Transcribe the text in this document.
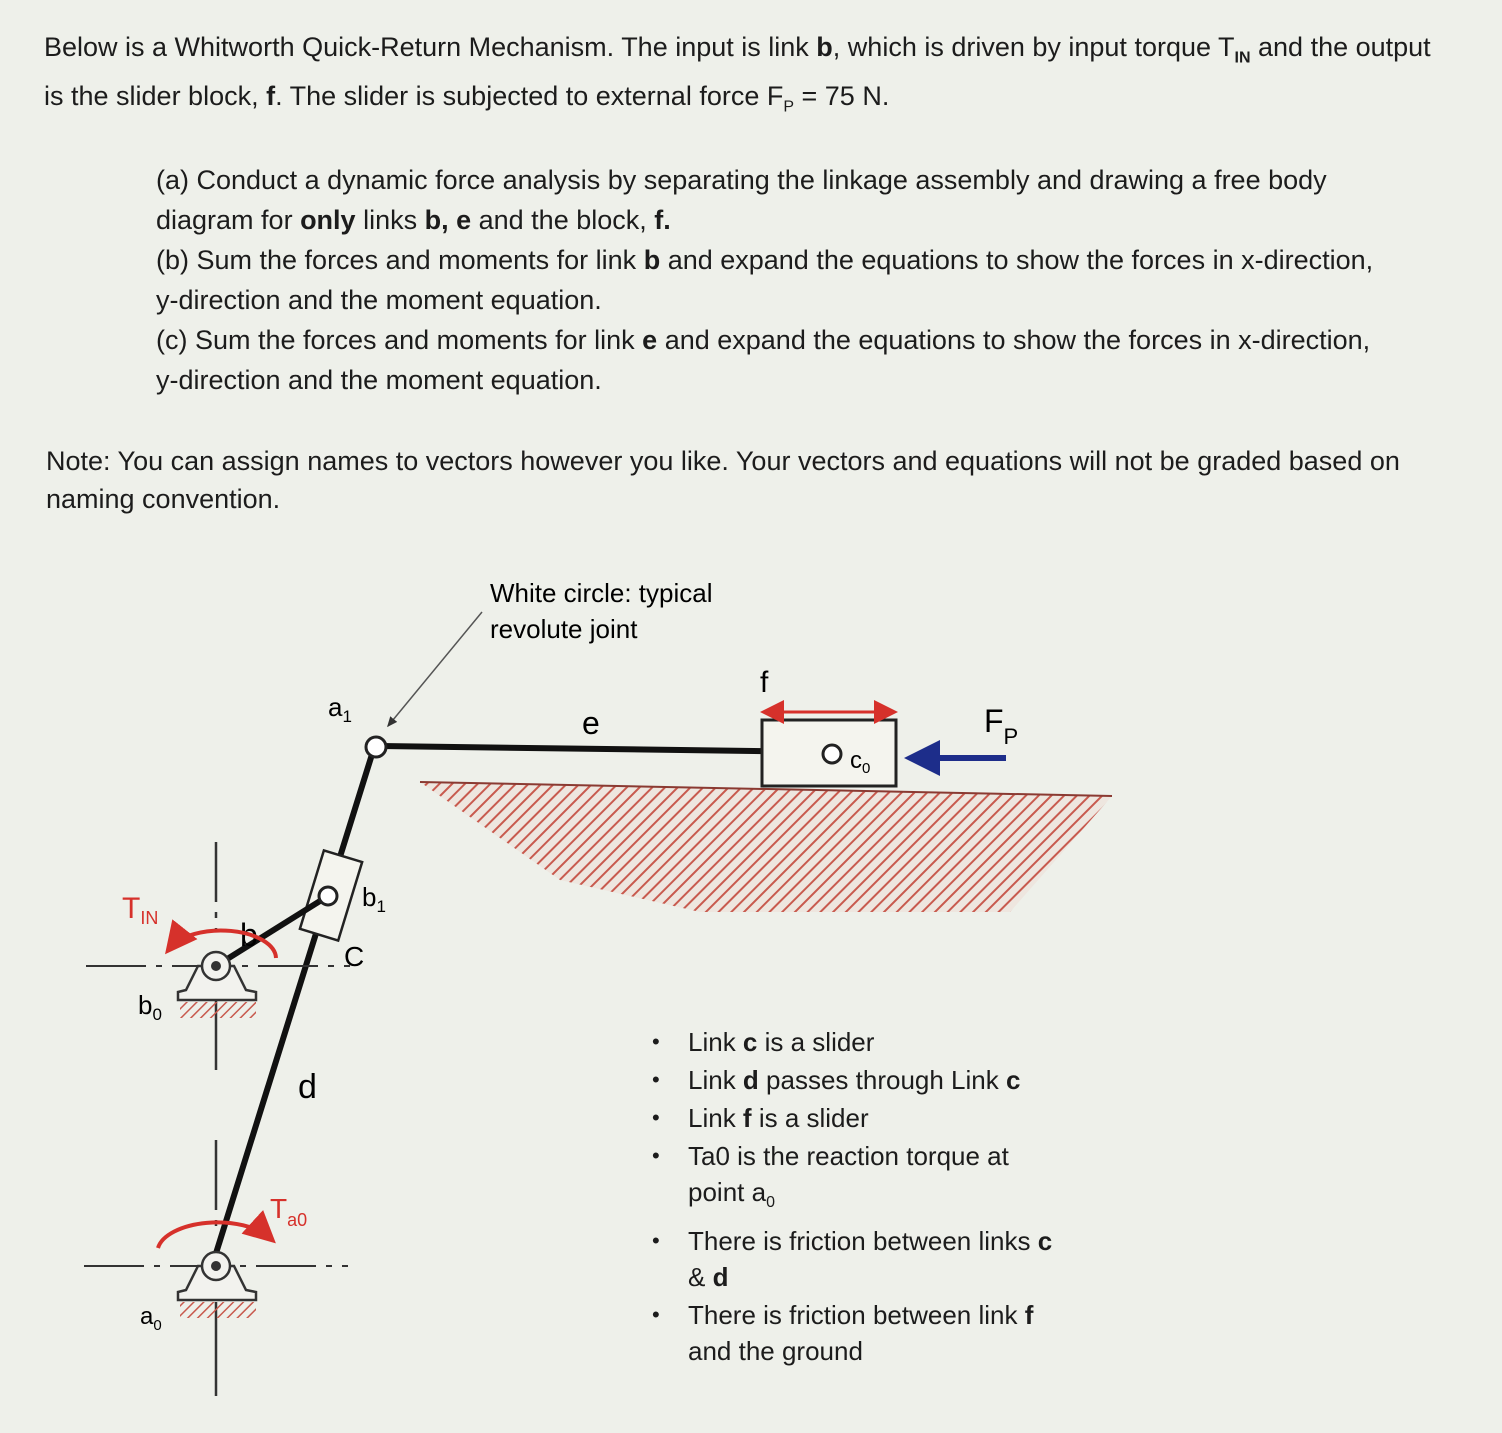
Below is a Whitworth Quick-Return Mechanism. The input is link b, which is driven by input torque $T_{IN}$ and the output is the slider block, f. The slider is subjected to external force $F_P = 75$ N.

(a) Conduct a dynamic force analysis by separating the linkage assembly and drawing a free body diagram for only links b, e and the block, f.
(b) Sum the forces and moments for link b and expand the equations to show the forces in x-direction, y-direction and the moment equation.
(c) Sum the forces and moments for link e and expand the equations to show the forces in x-direction, y-direction and the moment equation.

Note: You can assign names to vectors however you like. Your vectors and equations will not be graded based on naming convention.

White circle: typical
revolute joint
e
f
$c_0$
$F_P$
d
C
$b_1$
b
$a_1$
$T_{IN}$
$b_0$
$T_{a0}$
$a_0$
• Link c is a slider
• Link d passes through Link c
• Link f is a slider
• Ta0 is the reaction torque at point $a_0$
• There is friction between links c & d
• There is friction between link f and the ground
